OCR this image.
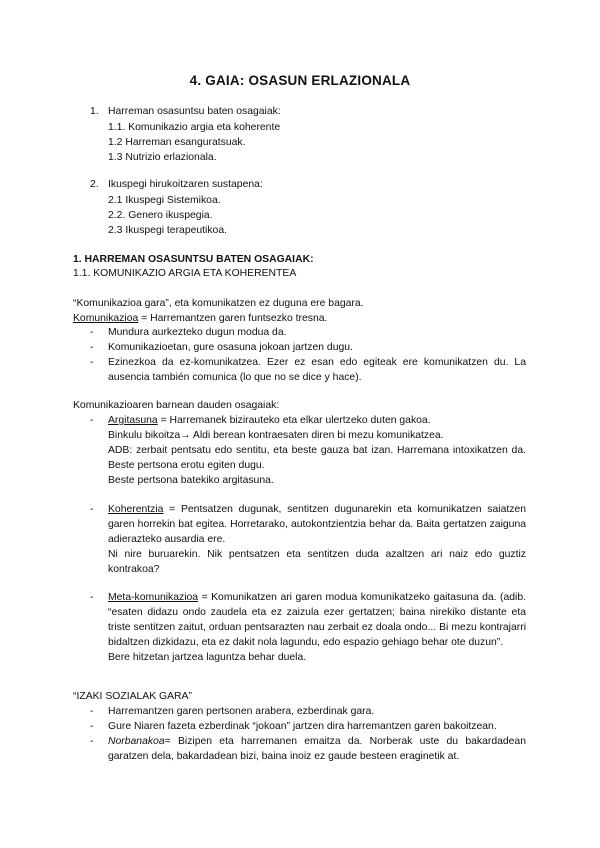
4. GAIA: OSASUN ERLAZIONALA
1. Harreman osasuntsu baten osagaiak:
1.1. Komunikazio argia eta koherente
1.2 Harreman esanguratsuak.
1.3 Nutrizio erlazionala.
2. Ikuspegi hirukoitzaren sustapena:
2.1 Ikuspegi Sistemikoa.
2.2. Genero ikuspegia.
2.3 Ikuspegi terapeutikoa.
1. HARREMAN OSASUNTSU BATEN OSAGAIAK:
1.1. KOMUNIKAZIO ARGIA ETA KOHERENTEA
“Komunikazioa gara”, eta komunikatzen ez duguna ere bagara.
Komunikazioa = Harremantzen garen funtsezko tresna.
- Mundura aurkezteko dugun modua da.
- Komunikazioetan, gure osasuna jokoan jartzen dugu.
- Ezinezkoa da ez-komunikatzea. Ezer ez esan edo egiteak ere komunikatzen du. La ausencia también comunica (lo que no se dice y hace).
Komunikazioaren barnean dauden osagaiak:
- Argitasuna = Harremanek bizirauteko eta elkar ulertzeko duten gakoa.
Binkulu bikoitza→ Aldi berean kontraesaten diren bi mezu komunikatzea.
ADB: zerbait pentsatu edo sentitu, eta beste gauza bat izan. Harremana intoxikatzen da. Beste pertsona erotu egiten dugu.
Beste pertsona batekiko argitasuna.
- Koherentzia = Pentsatzen dugunak, sentitzen dugunarekin eta komunikatzen saiatzen garen horrekin bat egitea. Horretarako, autokontzientzia behar da. Baita gertatzen zaiguna adierazteko ausardia ere.
Ni nire buruarekin. Nik pentsatzen eta sentitzen duda azaltzen ari naiz edo guztiz kontrakoa?
- Meta-komunikazioa = Komunikatzen ari garen modua komunikatzeko gaitasuna da. (adib. “esaten didazu ondo zaudela eta ez zaizula ezer gertatzen; baina nirekiko distante eta triste sentitzen zaitut, orduan pentsarazten nau zerbait ez doala ondo... Bi mezu kontrajarri bidaltzen dizkidazu, eta ez dakit nola lagundu, edo espazio gehiago behar ote duzun”.
Bere hitzetan jartzea laguntza behar duela.
“IZAKI SOZIALAK GARA”
- Harremantzen garen pertsonen arabera, ezberdinak gara.
- Gure Niaren fazeta ezberdinak “jokoan” jartzen dira harremantzen garen bakoitzean.
- Norbanakoa= Bizipen eta harremanen emaitza da. Norberak uste du bakardadean garatzen dela, bakardadean bizi, baina inoiz ez gaude besteen eraginetik at.
